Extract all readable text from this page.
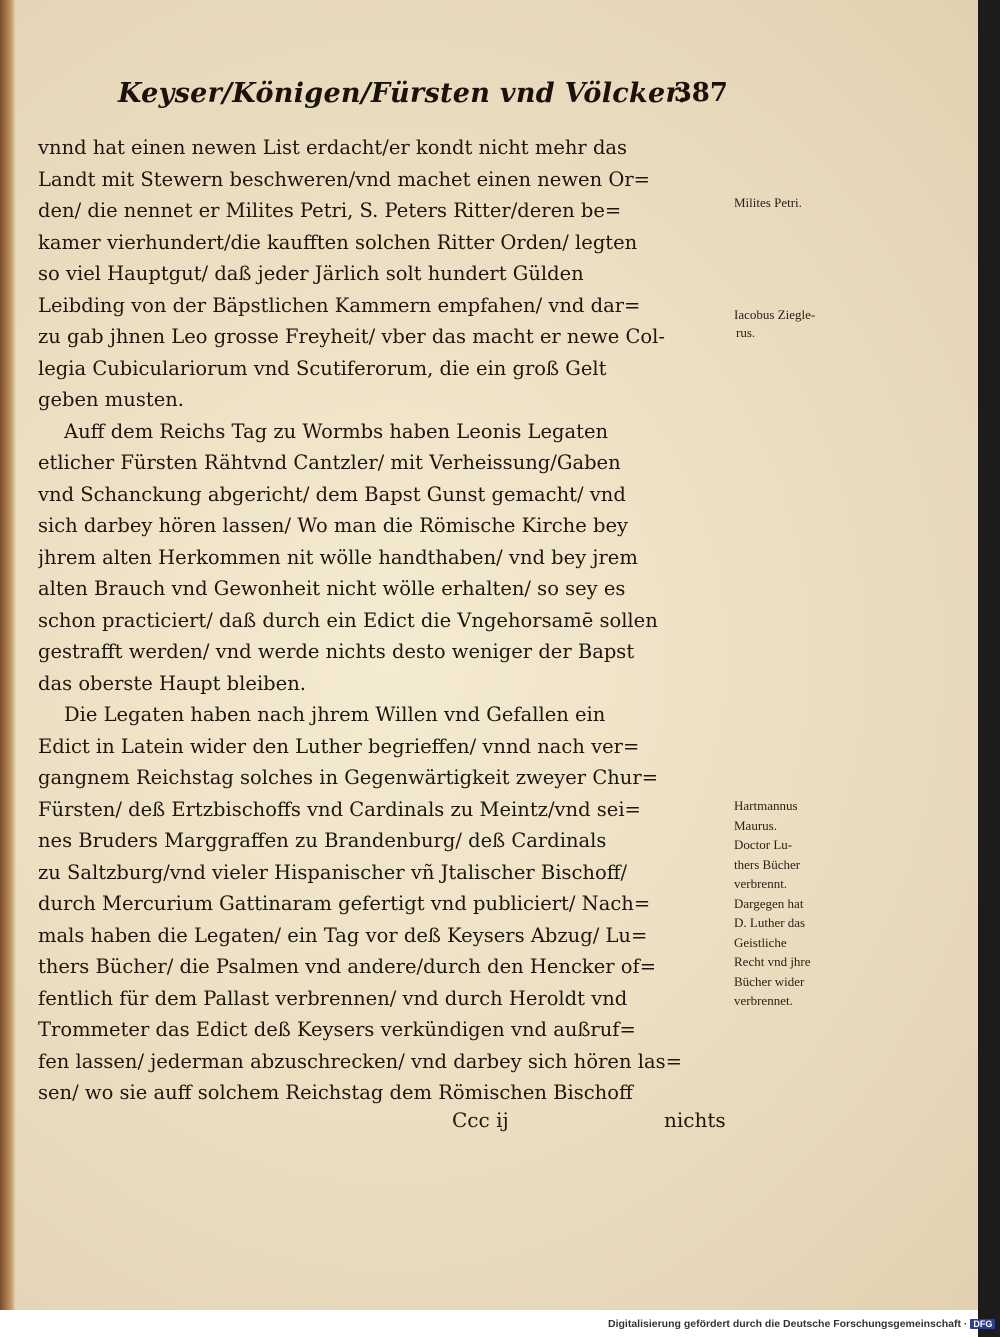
Keyser/Königen/Fürsten vnd Völcker.
387
vnnd hat einen newen List erdacht/er kondt nicht mehr das
Landt mit Stewern beschweren/vnd machet einen newen Or=
den/ die nennet er Milites Petri, S. Peters Ritter/deren be=
kamer vierhundert/die kaufften solchen Ritter Orden/ legten
so viel Hauptgut/ daß jeder Järlich solt hundert Gülden
Leibding von der Bäpstlichen Kammern empfahen/ vnd dar=
zu gab jhnen Leo grosse Freyheit/ vber das macht er newe Col-
legia Cubiculariorum vnd Scutiferorum, die ein groß Gelt
geben musten.
Auff dem Reichs Tag zu Wormbs haben Leonis Legaten
etlicher Fürsten Rähtvnd Cantzler/ mit Verheissung/Gaben
vnd Schanckung abgericht/ dem Bapst Gunst gemacht/ vnd
sich darbey hören lassen/ Wo man die Römische Kirche bey
jhrem alten Herkommen nit wölle handthaben/ vnd bey jrem
alten Brauch vnd Gewonheit nicht wölle erhalten/ so sey es
schon practiciert/ daß durch ein Edict die Vngehorsamē sollen
gestrafft werden/ vnd werde nichts desto weniger der Bapst
das oberste Haupt bleiben.
Die Legaten haben nach jhrem Willen vnd Gefallen ein
Edict in Latein wider den Luther begrieffen/ vnnd nach ver=
gangnem Reichstag solches in Gegenwärtigkeit zweyer Chur=
Fürsten/ deß Ertzbischoffs vnd Cardinals zu Meintz/vnd sei=
nes Bruders Marggraffen zu Brandenburg/ deß Cardinals
zu Saltzburg/vnd vieler Hispanischer vñ Jtalischer Bischoff/
durch Mercurium Gattinaram gefertigt vnd publiciert/ Nach=
mals haben die Legaten/ ein Tag vor deß Keysers Abzug/ Lu=
thers Bücher/ die Psalmen vnd andere/durch den Hencker of=
fentlich für dem Pallast verbrennen/ vnd durch Heroldt vnd
Trommeter das Edict deß Keysers verkündigen vnd außruf=
fen lassen/ jederman abzuschrecken/ vnd darbey sich hören las=
sen/ wo sie auff solchem Reichstag dem Römischen Bischoff
Milites Petri.
Iacobus Ziegle-
rus.
Hartmannus
Maurus.
Doctor Lu-
thers Bücher
verbrennt.
Dargegen hat
D. Luther das
Geistliche
Recht vnd jhre
Bücher wider
verbrennet.
Ccc ij	nichts
Digitalisierung gefördert durch die Deutsche Forschungsgemeinschaft · DFG
